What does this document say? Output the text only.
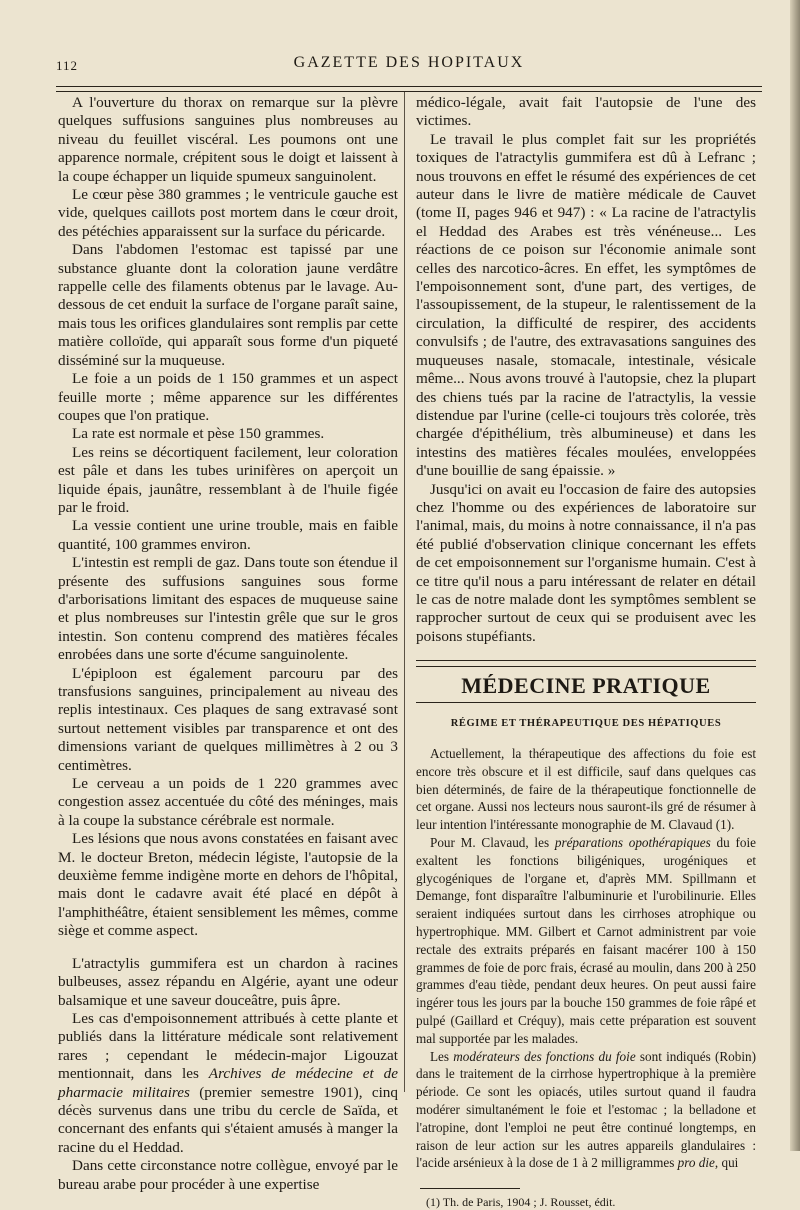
112	GAZETTE DES HOPITAUX

A l'ouverture du thorax on remarque sur la plèvre quelques suffusions sanguines plus nombreuses au niveau du feuillet viscéral. Les poumons ont une apparence normale, crépitent sous le doigt et laissent à la coupe échapper un liquide spumeux sanguinolent.

Le cœur pèse 380 grammes ; le ventricule gauche est vide, quelques caillots post mortem dans le cœur droit, des pétéchies apparaissent sur la surface du péricarde.

Dans l'abdomen l'estomac est tapissé par une substance gluante dont la coloration jaune verdâtre rappelle celle des filaments obtenus par le lavage. Au-dessous de cet enduit la surface de l'organe paraît saine, mais tous les orifices glandulaires sont remplis par cette matière colloïde, qui apparaît sous forme d'un piqueté disséminé sur la muqueuse.

Le foie a un poids de 1 150 grammes et un aspect feuille morte ; même apparence sur les différentes coupes que l'on pratique.

La rate est normale et pèse 150 grammes.

Les reins se décortiquent facilement, leur coloration est pâle et dans les tubes urinifères on aperçoit un liquide épais, jaunâtre, ressemblant à de l'huile figée par le froid.

La vessie contient une urine trouble, mais en faible quantité, 100 grammes environ.

L'intestin est rempli de gaz. Dans toute son étendue il présente des suffusions sanguines sous forme d'arborisations limitant des espaces de muqueuse saine et plus nombreuses sur l'intestin grêle que sur le gros intestin. Son contenu comprend des matières fécales enrobées dans une sorte d'écume sanguinolente.

L'épiploon est également parcouru par des transfusions sanguines, principalement au niveau des replis intestinaux. Ces plaques de sang extravasé sont surtout nettement visibles par transparence et ont des dimensions variant de quelques millimètres à 2 ou 3 centimètres.

Le cerveau a un poids de 1 220 grammes avec congestion assez accentuée du côté des méninges, mais à la coupe la substance cérébrale est normale.

Les lésions que nous avons constatées en faisant avec M. le docteur Breton, médecin légiste, l'autopsie de la deuxième femme indigène morte en dehors de l'hôpital, mais dont le cadavre avait été placé en dépôt à l'amphithéâtre, étaient sensiblement les mêmes, comme siège et comme aspect.

L'atractylis gummifera est un chardon à racines bulbeuses, assez répandu en Algérie, ayant une odeur balsamique et une saveur douceâtre, puis âpre.

Les cas d'empoisonnement attribués à cette plante et publiés dans la littérature médicale sont relativement rares ; cependant le médecin-major Ligouzat mentionnait, dans les Archives de médecine et de pharmacie militaires (premier semestre 1901), cinq décès survenus dans une tribu du cercle de Saïda, et concernant des enfants qui s'étaient amusés à manger la racine du el Heddad.

Dans cette circonstance notre collègue, envoyé par le bureau arabe pour procéder à une expertise

médico-légale, avait fait l'autopsie de l'une des victimes.

Le travail le plus complet fait sur les propriétés toxiques de l'atractylis gummifera est dû à Lefranc ; nous trouvons en effet le résumé des expériences de cet auteur dans le livre de matière médicale de Cauvet (tome II, pages 946 et 947) : « La racine de l'atractylis el Heddad des Arabes est très vénéneuse... Les réactions de ce poison sur l'économie animale sont celles des narcotico-âcres. En effet, les symptômes de l'empoisonnement sont, d'une part, des vertiges, de l'assoupissement, de la stupeur, le ralentissement de la circulation, la difficulté de respirer, des accidents convulsifs ; de l'autre, des extravasations sanguines des muqueuses nasale, stomacale, intestinale, vésicale même... Nous avons trouvé à l'autopsie, chez la plupart des chiens tués par la racine de l'atractylis, la vessie distendue par l'urine (celle-ci toujours très colorée, très chargée d'épithélium, très albumineuse) et dans les intestins des matières fécales moulées, enveloppées d'une bouillie de sang épaissie. »

Jusqu'ici on avait eu l'occasion de faire des autopsies chez l'homme ou des expériences de laboratoire sur l'animal, mais, du moins à notre connaissance, il n'a pas été publié d'observation clinique concernant les effets de cet empoisonnement sur l'organisme humain. C'est à ce titre qu'il nous a paru intéressant de relater en détail le cas de notre malade dont les symptômes semblent se rapprocher surtout de ceux qui se produisent avec les poisons stupéfiants.

MÉDECINE PRATIQUE
RÉGIME ET THÉRAPEUTIQUE DES HÉPATIQUES

Actuellement, la thérapeutique des affections du foie est encore très obscure et il est difficile, sauf dans quelques cas bien déterminés, de faire de la thérapeutique fonctionnelle de cet organe. Aussi nos lecteurs nous sauront-ils gré de résumer à leur intention l'intéressante monographie de M. Clavaud (1).

Pour M. Clavaud, les préparations opothérapiques du foie exaltent les fonctions biligéniques, urogéniques et glycogéniques de l'organe et, d'après MM. Spillmann et Demange, font disparaître l'albuminurie et l'urobilinurie. Elles seraient indiquées surtout dans les cirrhoses atrophique ou hypertrophique. MM. Gilbert et Carnot administrent par voie rectale des extraits préparés en faisant macérer 100 à 150 grammes de foie de porc frais, écrasé au moulin, dans 200 à 250 grammes d'eau tiède, pendant deux heures. On peut aussi faire ingérer tous les jours par la bouche 150 grammes de foie râpé et pulpé (Gaillard et Créquy), mais cette préparation est souvent mal supportée par les malades.

Les modérateurs des fonctions du foie sont indiqués (Robin) dans le traitement de la cirrhose hypertrophique à la première période. Ce sont les opiacés, utiles surtout quand il faudra modérer simultanément le foie et l'estomac ; la belladone et l'atropine, dont l'emploi ne peut être continué longtemps, en raison de leur action sur les autres appareils glandulaires : l'acide arsénieux à la dose de 1 à 2 milligrammes pro die, qui

(1) Th. de Paris, 1904 ; J. Rousset, édit.
